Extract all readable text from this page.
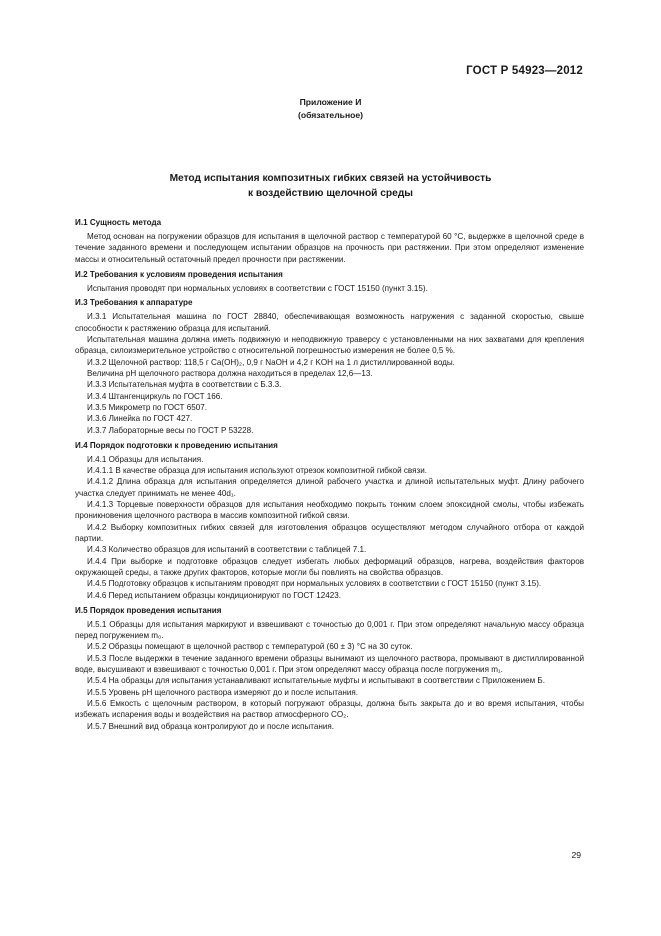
ГОСТ Р 54923—2012
Приложение И
(обязательное)
Метод испытания композитных гибких связей на устойчивость
к воздействию щелочной среды

И.1 Сущность метода

Метод основан на погружении образцов для испытания в щелочной раствор с температурой 60 °С, выдержке в щелочной среде в течение заданного времени и последующем испытании образцов на прочность при растяжении. При этом определяют изменение массы и относительный остаточный предел прочности при растяжении.

И.2 Требования к условиям проведения испытания

Испытания проводят при нормальных условиях в соответствии с ГОСТ 15150 (пункт 3.15).

И.3 Требования к аппаратуре

И.3.1 Испытательная машина по ГОСТ 28840, обеспечивающая возможность нагружения с заданной скоростью, свыше способности к растяжению образца для испытаний.

Испытательная машина должна иметь подвижную и неподвижную траверсу с установленными на них захватами для крепления образца, силоизмерительное устройство с относительной погрешностью измерения не более 0,5 %.

И.3.2 Щелочной раствор: 118,5 г Ca(OH)₂, 0,9 г NaOH и 4,2 г KOH на 1 л дистиллированной воды.

Величина pH щелочного раствора должна находиться в пределах 12,6—13.

И.3.3 Испытательная муфта в соответствии с Б.3.3.

И.3.4 Штангенциркуль по ГОСТ 166.

И.3.5 Микрометр по ГОСТ 6507.

И.3.6 Линейка по ГОСТ 427.

И.3.7 Лабораторные весы по ГОСТ Р 53228.

И.4 Порядок подготовки к проведению испытания

И.4.1 Образцы для испытания.

И.4.1.1 В качестве образца для испытания используют отрезок композитной гибкой связи.

И.4.1.2 Длина образца для испытания определяется длиной рабочего участка и длиной испытательных муфт. Длину рабочего участка следует принимать не менее 40d₁.

И.4.1.3 Торцевые поверхности образцов для испытания необходимо покрыть тонким слоем эпоксидной смолы, чтобы избежать проникновения щелочного раствора в массив композитной гибкой связи.

И.4.2 Выборку композитных гибких связей для изготовления образцов осуществляют методом случайного отбора от каждой партии.

И.4.3 Количество образцов для испытаний в соответствии с таблицей 7.1.

И.4.4 При выборке и подготовке образцов следует избегать любых деформаций образцов, нагрева, воздействия факторов окружающей среды, а также других факторов, которые могли бы повлиять на свойства образцов.

И.4.5 Подготовку образцов к испытаниям проводят при нормальных условиях в соответствии с ГОСТ 15150 (пункт 3.15).

И.4.6 Перед испытанием образцы кондиционируют по ГОСТ 12423.

И.5 Порядок проведения испытания

И.5.1 Образцы для испытания маркируют и взвешивают с точностью до 0,001 г. При этом определяют начальную массу образца перед погружением m₀.

И.5.2 Образцы помещают в щелочной раствор с температурой (60 ± 3) °С на 30 суток.

И.5.3 После выдержки в течение заданного времени образцы вынимают из щелочного раствора, промывают в дистиллированной воде, высушивают и взвешивают с точностью 0,001 г. При этом определяют массу образца после погружения m₁.

И.5.4 На образцы для испытания устанавливают испытательные муфты и испытывают в соответствии с Приложением Б.

И.5.5 Уровень pH щелочного раствора измеряют до и после испытания.

И.5.6 Емкость с щелочным раствором, в который погружают образцы, должна быть закрыта до и во время испытания, чтобы избежать испарения воды и воздействия на раствор атмосферного CO₂.

И.5.7 Внешний вид образца контролируют до и после испытания.

29
